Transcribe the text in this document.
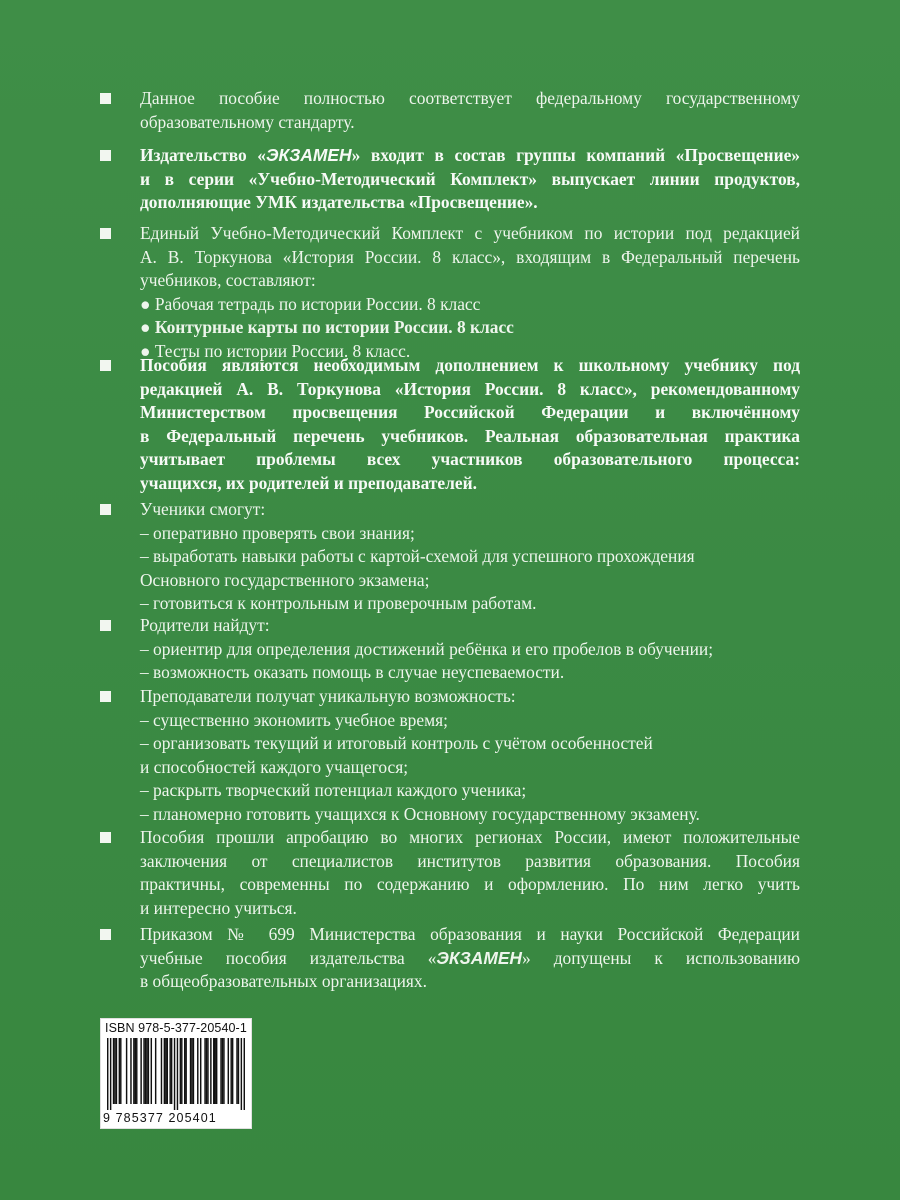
Данное пособие полностью соответствует федеральному государственному
образовательному стандарту.
Издательство «ЭКЗАМЕН» входит в состав группы компаний «Просвещение»
и в серии «Учебно-Методический Комплект» выпускает линии продуктов,
дополняющие УМК издательства «Просвещение».
Единый Учебно-Методический Комплект с учебником по истории под редакцией
А. В. Торкунова «История России. 8 класс», входящим в Федеральный перечень
учебников, составляют:
● Рабочая тетрадь по истории России. 8 класс
● Контурные карты по истории России. 8 класс
● Тесты по истории России. 8 класс.
Пособия являются необходимым дополнением к школьному учебнику под
редакцией А. В. Торкунова «История России. 8 класс», рекомендованному
Министерством просвещения Российской Федерации и включённому
в Федеральный перечень учебников. Реальная образовательная практика
учитывает проблемы всех участников образовательного процесса:
учащихся, их родителей и преподавателей.
Ученики смогут:
– оперативно проверять свои знания;
– выработать навыки работы с картой-схемой для успешного прохождения
Основного государственного экзамена;
– готовиться к контрольным и проверочным работам.
Родители найдут:
– ориентир для определения достижений ребёнка и его пробелов в обучении;
– возможность оказать помощь в случае неуспеваемости.
Преподаватели получат уникальную возможность:
– существенно экономить учебное время;
– организовать текущий и итоговый контроль с учётом особенностей
и способностей каждого учащегося;
– раскрыть творческий потенциал каждого ученика;
– планомерно готовить учащихся к Основному государственному экзамену.
Пособия прошли апробацию во многих регионах России, имеют положительные
заключения от специалистов институтов развития образования. Пособия
практичны, современны по содержанию и оформлению. По ним легко учить
и интересно учиться.
Приказом № 699 Министерства образования и науки Российской Федерации
учебные пособия издательства «ЭКЗАМЕН» допущены к использованию
в общеобразовательных организациях.
ISBN 978-5-377-20540-1
9 785377 205401
